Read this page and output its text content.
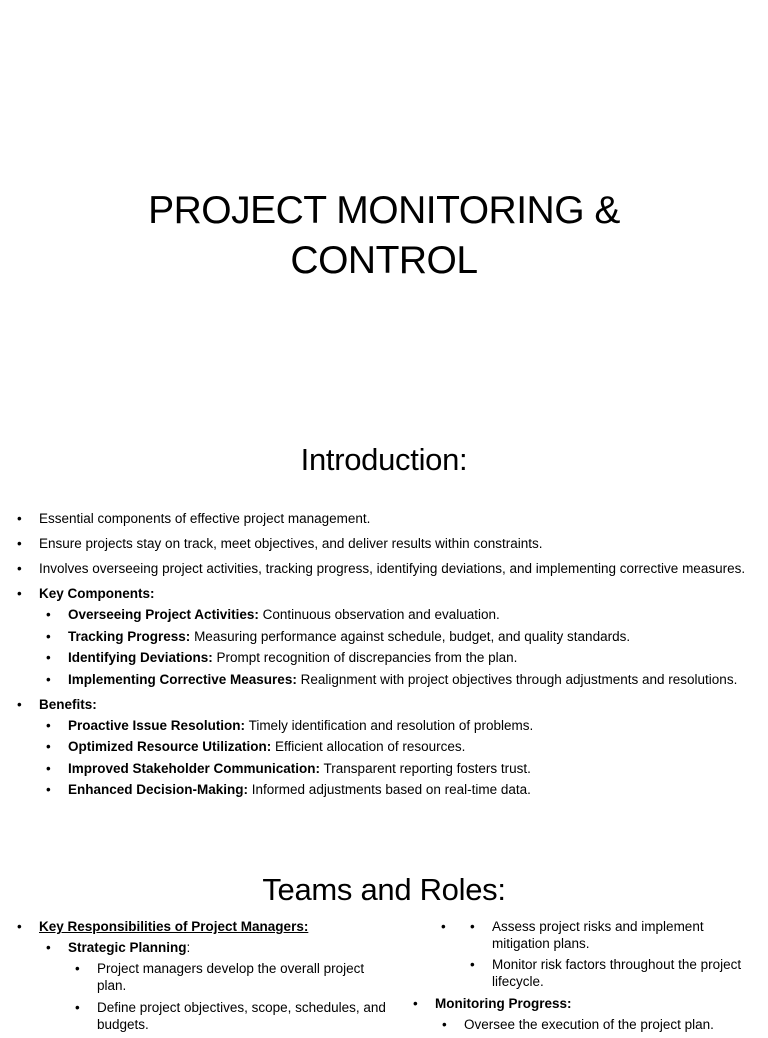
PROJECT MONITORING &
CONTROL
Introduction:
• Essential components of effective project management.
• Ensure projects stay on track, meet objectives, and deliver results within constraints.
• Involves overseeing project activities, tracking progress, identifying deviations, and implementing corrective measures.
• Key Components:
• Overseeing Project Activities: Continuous observation and evaluation.
• Tracking Progress: Measuring performance against schedule, budget, and quality standards.
• Identifying Deviations: Prompt recognition of discrepancies from the plan.
• Implementing Corrective Measures: Realignment with project objectives through adjustments and resolutions.
• Benefits:
• Proactive Issue Resolution: Timely identification and resolution of problems.
• Optimized Resource Utilization: Efficient allocation of resources.
• Improved Stakeholder Communication: Transparent reporting fosters trust.
• Enhanced Decision-Making: Informed adjustments based on real-time data.
Teams and Roles:
• Key Responsibilities of Project Managers:
• Strategic Planning:
• Project managers develop the overall project plan.
• Define project objectives, scope, schedules, and budgets.
• • Assess project risks and implement mitigation plans.
• Monitor risk factors throughout the project lifecycle.
• Monitoring Progress:
• Oversee the execution of the project plan.
